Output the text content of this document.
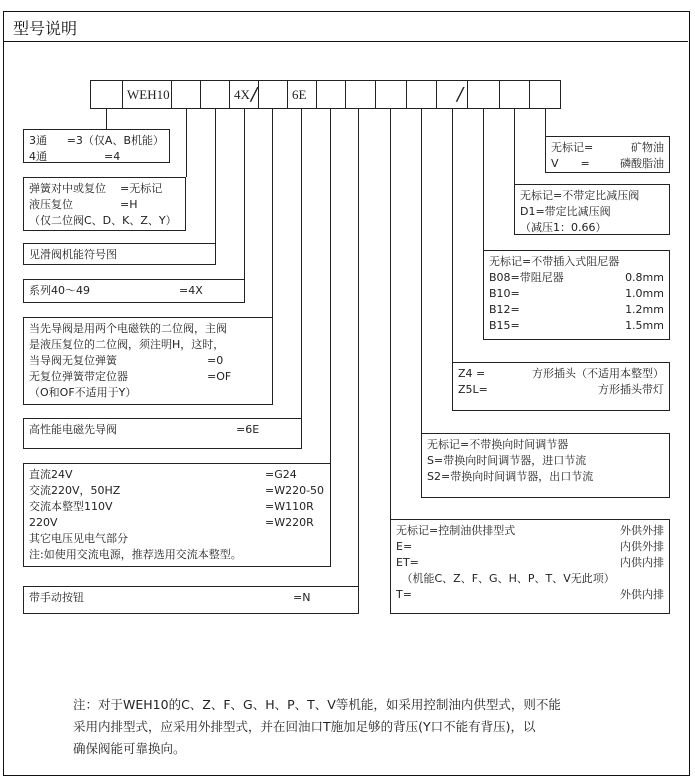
型号说明
WEH10	4X	6E
/	/
3通	=3（仅A、B机能）
4通	=4
弹簧对中或复位	=无标记
液压复位	=H
（仅二位阀C、D、K、Z、Y）
见滑阀机能符号图
系列40～49	=4X
当先导阀是用两个电磁铁的二位阀，主阀
是液压复位的二位阀，须注明H，这时，
当导阀无复位弹簧	=0
无复位弹簧带定位器	=OF
（O和OF不适用于Y）
高性能电磁先导阀	=6E
直流24V	=G24
交流220V，50HZ	=W220-50
交流本整型110V	=W110R
220V	=W220R
其它电压见电气部分
注:如使用交流电源，推荐选用交流本整型。
带手动按钮	=N
无标记=	矿物油
V　　=	磷酸脂油
无标记=不带定比减压阀
D1=带定比减压阀
（减压1：0.66）
无标记=不带插入式阻尼器
B08=带阻尼器	0.8mm
B10=	1.0mm
B12=	1.2mm
B15=	1.5mm
Z4 =	方形插头（不适用本整型）
Z5L=	方形插头带灯
无标记=不带换向时间调节器
S=带换向时间调节器，进口节流
S2=带换向时间调节器，出口节流
无标记=控制油供排型式	外供外排
E=	内供外排
ET=	内供内排
　（机能C、Z、F、G、H、P、T、V无此项）
T=	外供内排
注：对于WEH10的C、Z、F、G、H、P、T、V等机能，如采用控制油内供型式，则不能
采用内排型式，应采用外排型式，并在回油口T施加足够的背压(Y口不能有背压)，以
确保阀能可靠换向。
